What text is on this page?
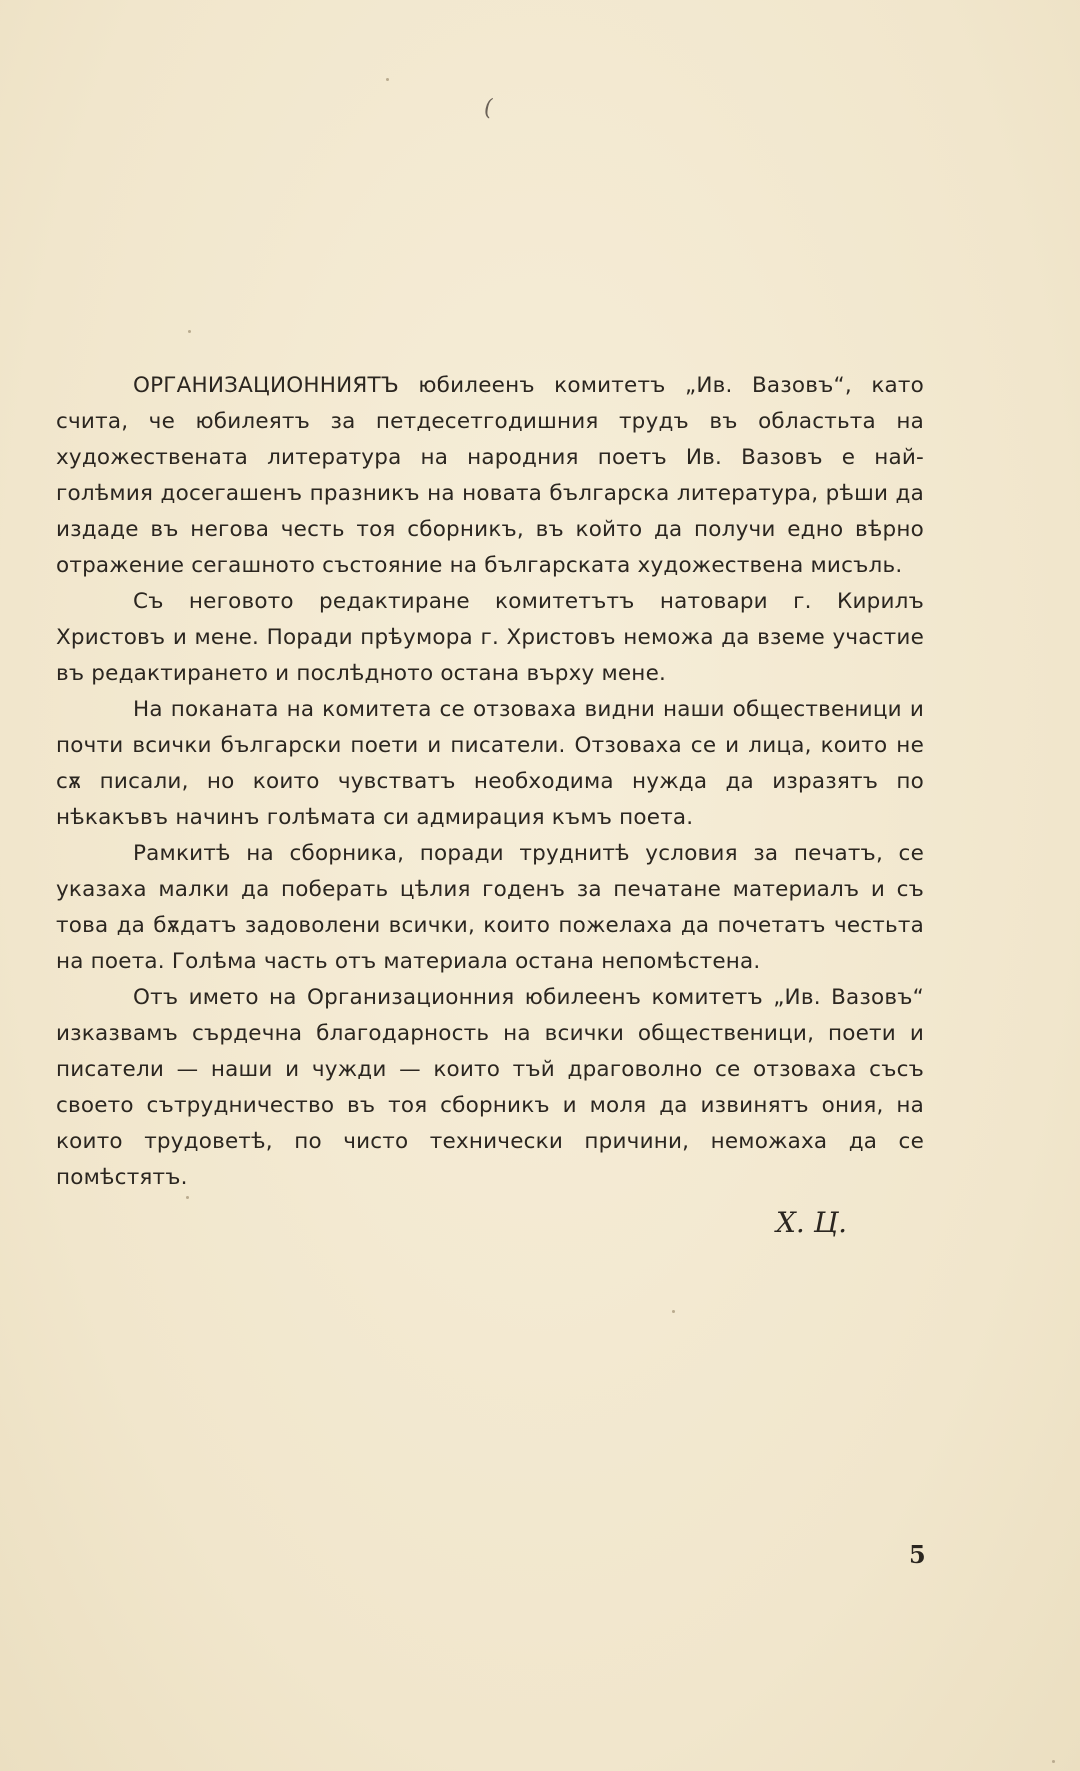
(

ОРГАНИЗАЦИОННИЯТЪ юбилеенъ комитетъ „Ив. Вазовъ“, като счита, че юбилеятъ за петдесетгодишния трудъ въ областьта на художествената литература на народния поетъ Ив. Вазовъ е най-голѣмия досегашенъ празникъ на новата българска литература, рѣши да издаде въ негова честь тоя сборникъ, въ който да получи едно вѣрно отражение сегашното състояние на българската художествена мисъль.

Съ неговото редактиране комитетътъ натовари г. Кирилъ Христовъ и мене. Поради прѣумора г. Христовъ неможа да вземе участие въ редактирането и послѣдното остана върху мене.

На поканата на комитета се отзоваха видни наши общественици и почти всички български поети и писатели. Отзоваха се и лица, които не сѫ писали, но които чувстватъ необходима нужда да изразятъ по нѣкакъвъ начинъ голѣмата си адмирация къмъ поета.

Рамкитѣ на сборника, поради труднитѣ условия за печатъ, се указаха малки да поберать цѣлия годенъ за печатане материалъ и съ това да бѫдатъ задоволени всички, които пожелаха да почетатъ честьта на поета. Голѣма часть отъ материала остана непомѣстена.

Отъ името на Организационния юбилеенъ комитетъ „Ив. Вазовъ“ изказвамъ сърдечна благодарность на всички общественици, поети и писатели — наши и чужди — които тъй драговолно се отзоваха съсъ своето сътрудничество въ тоя сборникъ и моля да извинятъ ония, на които трудоветѣ, по чисто технически причини, неможаха да се помѣстятъ.

Х. Ц.
5
